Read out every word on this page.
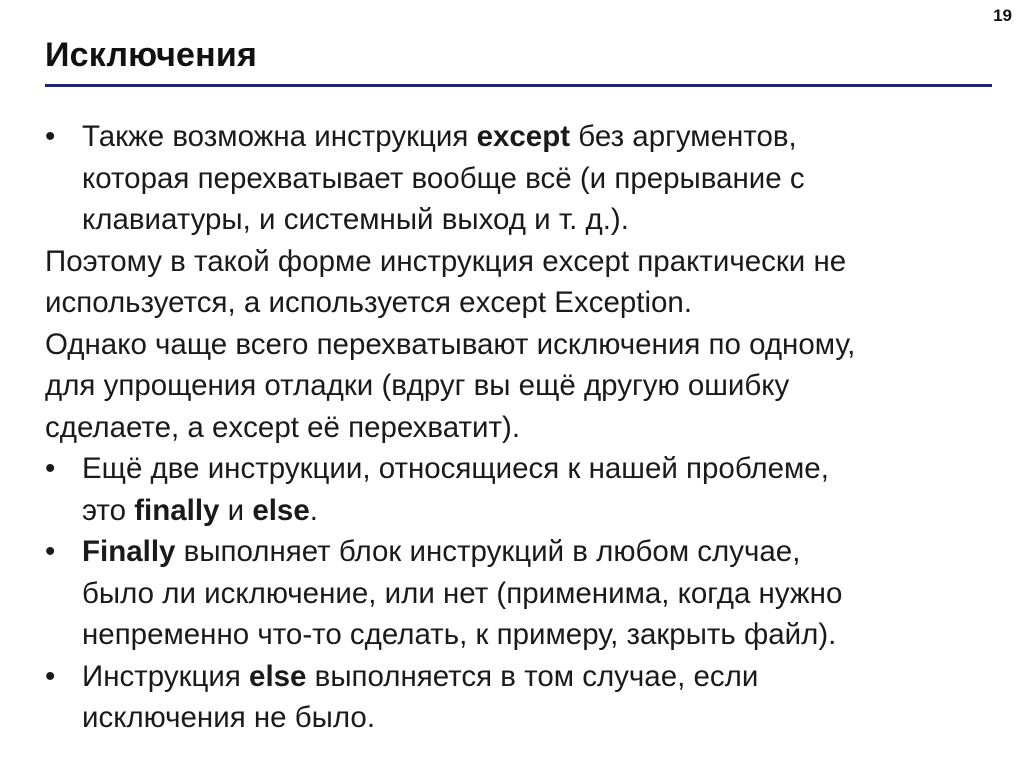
19
Исключения
• Также возможна инструкция except без аргументов,
которая перехватывает вообще всё (и прерывание с
клавиатуры, и системный выход и т. д.).
Поэтому в такой форме инструкция except практически не
используется, а используется except Exception.
Однако чаще всего перехватывают исключения по одному,
для упрощения отладки (вдруг вы ещё другую ошибку
сделаете, а except её перехватит).
• Ещё две инструкции, относящиеся к нашей проблеме,
это finally и else.
• Finally выполняет блок инструкций в любом случае,
было ли исключение, или нет (применима, когда нужно
непременно что-то сделать, к примеру, закрыть файл).
• Инструкция else выполняется в том случае, если
исключения не было.
